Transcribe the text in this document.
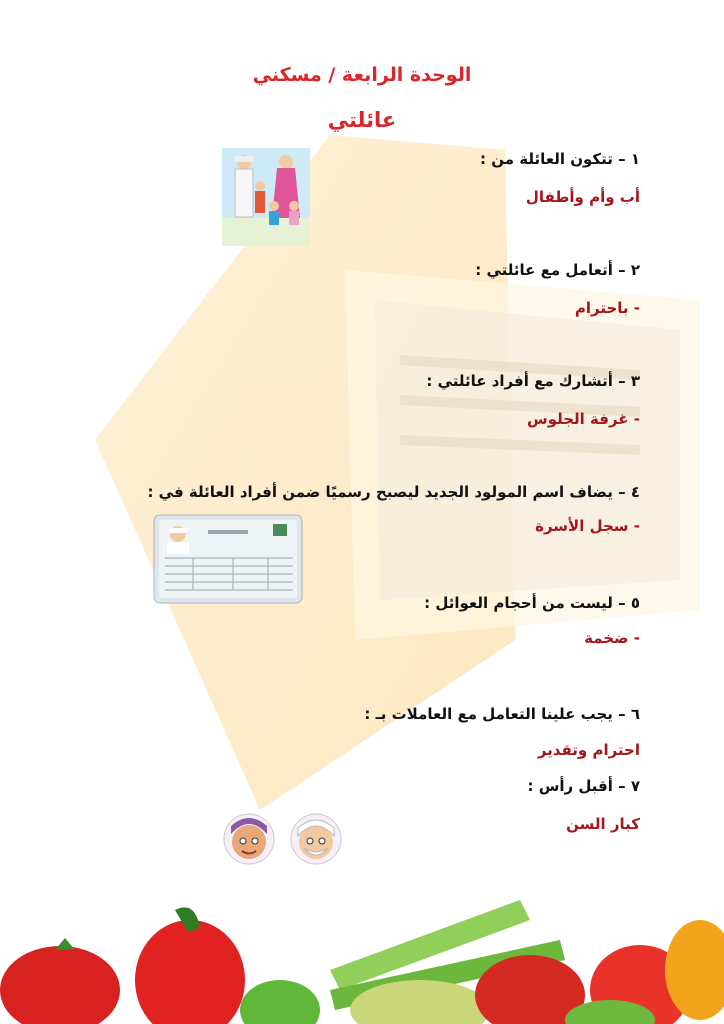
الوحدة الرابعة / مسكني
عائلتي
١ – تتكون العائلة من :
أب وأم وأطفال
٢ – أتعامل مع عائلتي :
- باحترام
٣ – أتشارك مع أفراد عائلتي :
- غرفة الجلوس
٤ – يضاف اسم المولود الجديد ليصبح رسميًا ضمن أفراد العائلة في :
- سجل الأسرة
٥ – ليست من أحجام العوائل :
- ضخمة
٦ – يجب علينا التعامل مع العاملات بـ :
احترام وتقدير
٧ – أقبل رأس :
كبار السن
